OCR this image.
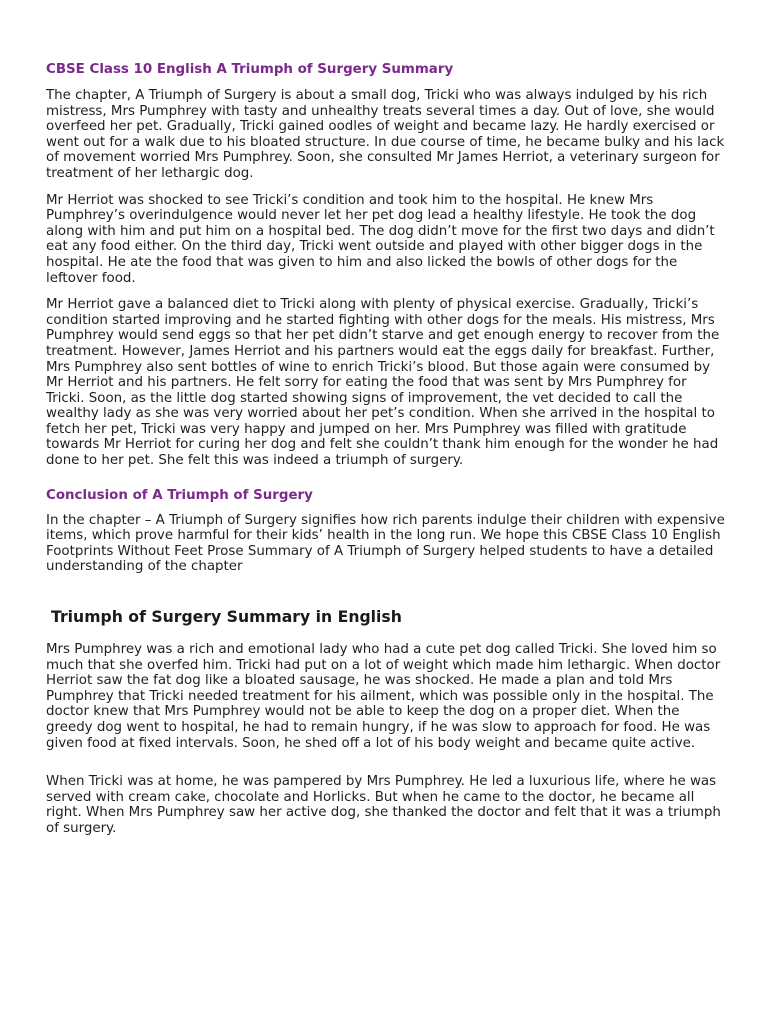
CBSE Class 10 English A Triumph of Surgery Summary

The chapter, A Triumph of Surgery is about a small dog, Tricki who was always indulged by his rich mistress, Mrs Pumphrey with tasty and unhealthy treats several times a day. Out of love, she would overfeed her pet. Gradually, Tricki gained oodles of weight and became lazy. He hardly exercised or went out for a walk due to his bloated structure. In due course of time, he became bulky and his lack of movement worried Mrs Pumphrey. Soon, she consulted Mr James Herriot, a veterinary surgeon for treatment of her lethargic dog.

Mr Herriot was shocked to see Tricki’s condition and took him to the hospital. He knew Mrs Pumphrey’s overindulgence would never let her pet dog lead a healthy lifestyle. He took the dog along with him and put him on a hospital bed. The dog didn’t move for the first two days and didn’t eat any food either. On the third day, Tricki went outside and played with other bigger dogs in the hospital. He ate the food that was given to him and also licked the bowls of other dogs for the leftover food.

Mr Herriot gave a balanced diet to Tricki along with plenty of physical exercise. Gradually, Tricki’s condition started improving and he started fighting with other dogs for the meals. His mistress, Mrs Pumphrey would send eggs so that her pet didn’t starve and get enough energy to recover from the treatment. However, James Herriot and his partners would eat the eggs daily for breakfast. Further, Mrs Pumphrey also sent bottles of wine to enrich Tricki’s blood. But those again were consumed by Mr Herriot and his partners. He felt sorry for eating the food that was sent by Mrs Pumphrey for Tricki. Soon, as the little dog started showing signs of improvement, the vet decided to call the wealthy lady as she was very worried about her pet’s condition. When she arrived in the hospital to fetch her pet, Tricki was very happy and jumped on her. Mrs Pumphrey was filled with gratitude towards Mr Herriot for curing her dog and felt she couldn’t thank him enough for the wonder he had done to her pet. She felt this was indeed a triumph of surgery.

Conclusion of A Triumph of Surgery

In the chapter – A Triumph of Surgery signifies how rich parents indulge their children with expensive items, which prove harmful for their kids’ health in the long run. We hope this CBSE Class 10 English Footprints Without Feet Prose Summary of A Triumph of Surgery helped students to have a detailed understanding of the chapter

Triumph of Surgery Summary in English

Mrs Pumphrey was a rich and emotional lady who had a cute pet dog called Tricki. She loved him so much that she overfed him. Tricki had put on a lot of weight which made him lethargic. When doctor Herriot saw the fat dog like a bloated sausage, he was shocked. He made a plan and told Mrs Pumphrey that Tricki needed treatment for his ailment, which was possible only in the hospital. The doctor knew that Mrs Pumphrey would not be able to keep the dog on a proper diet. When the greedy dog went to hospital, he had to remain hungry, if he was slow to approach for food. He was given food at fixed intervals. Soon, he shed off a lot of his body weight and became quite active.

When Tricki was at home, he was pampered by Mrs Pumphrey. He led a luxurious life, where he was served with cream cake, chocolate and Horlicks. But when he came to the doctor, he became all right. When Mrs Pumphrey saw her active dog, she thanked the doctor and felt that it was a triumph of surgery.
